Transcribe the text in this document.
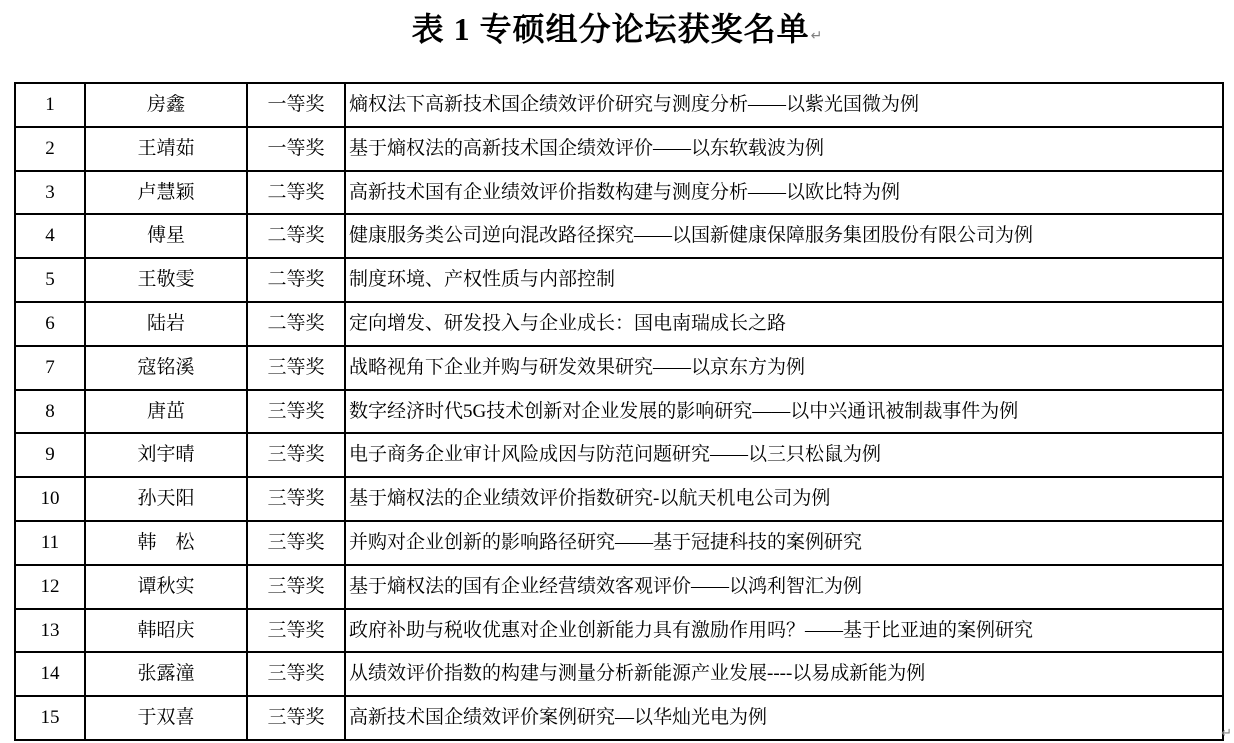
表 1 专硕组分论坛获奖名单↵
1	房鑫	一等奖	熵权法下高新技术国企绩效评价研究与测度分析——以紫光国微为例
2	王靖茹	一等奖	基于熵权法的高新技术国企绩效评价——以东软载波为例
3	卢慧颖	二等奖	高新技术国有企业绩效评价指数构建与测度分析——以欧比特为例
4	傅星	二等奖	健康服务类公司逆向混改路径探究——以国新健康保障服务集团股份有限公司为例
5	王敬雯	二等奖	制度环境、产权性质与内部控制
6	陆岩	二等奖	定向增发、研发投入与企业成长：国电南瑞成长之路
7	寇铭溪	三等奖	战略视角下企业并购与研发效果研究——以京东方为例
8	唐茁	三等奖	数字经济时代5G技术创新对企业发展的影响研究——以中兴通讯被制裁事件为例
9	刘宇晴	三等奖	电子商务企业审计风险成因与防范问题研究——以三只松鼠为例
10	孙天阳	三等奖	基于熵权法的企业绩效评价指数研究-以航天机电公司为例
11	韩　松	三等奖	并购对企业创新的影响路径研究——基于冠捷科技的案例研究
12	谭秋实	三等奖	基于熵权法的国有企业经营绩效客观评价——以鸿利智汇为例
13	韩昭庆	三等奖	政府补助与税收优惠对企业创新能力具有激励作用吗？——基于比亚迪的案例研究
14	张露潼	三等奖	从绩效评价指数的构建与测量分析新能源产业发展----以易成新能为例
15	于双喜	三等奖	高新技术国企绩效评价案例研究—以华灿光电为例
↵
